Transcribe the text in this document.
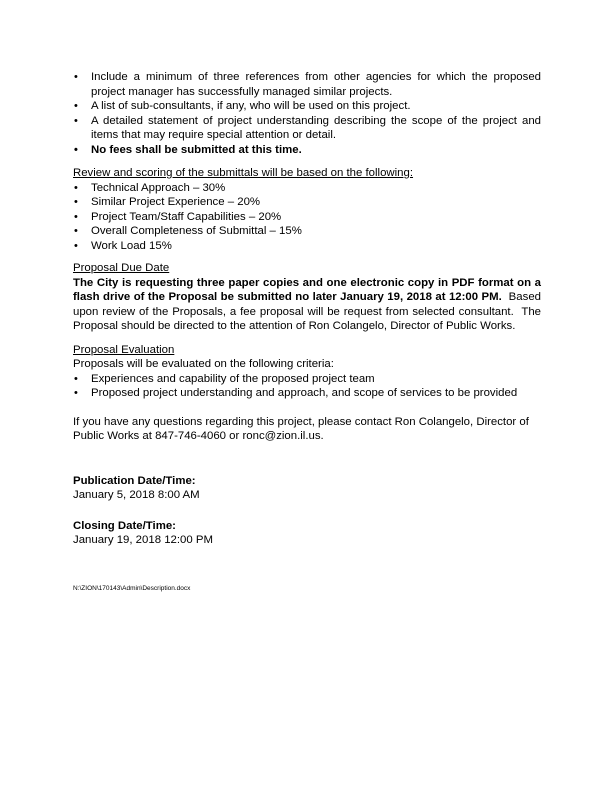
• Include a minimum of three references from other agencies for which the proposed project manager has successfully managed similar projects.
• A list of sub-consultants, if any, who will be used on this project.
• A detailed statement of project understanding describing the scope of the project and items that may require special attention or detail.
• No fees shall be submitted at this time.
Review and scoring of the submittals will be based on the following:
• Technical Approach – 30%
• Similar Project Experience – 20%
• Project Team/Staff Capabilities – 20%
• Overall Completeness of Submittal – 15%
• Work Load 15%
Proposal Due Date
The City is requesting three paper copies and one electronic copy in PDF format on a flash drive of the Proposal be submitted no later January 19, 2018 at 12:00 PM.  Based upon review of the Proposals, a fee proposal will be request from selected consultant.  The Proposal should be directed to the attention of Ron Colangelo, Director of Public Works.
Proposal Evaluation
Proposals will be evaluated on the following criteria:
• Experiences and capability of the proposed project team
• Proposed project understanding and approach, and scope of services to be provided
If you have any questions regarding this project, please contact Ron Colangelo, Director of Public Works at 847-746-4060 or ronc@zion.il.us.
Publication Date/Time:
January 5, 2018 8:00 AM
Closing Date/Time:
January 19, 2018 12:00 PM
N:\ZION\170143\Admin\Description.docx
